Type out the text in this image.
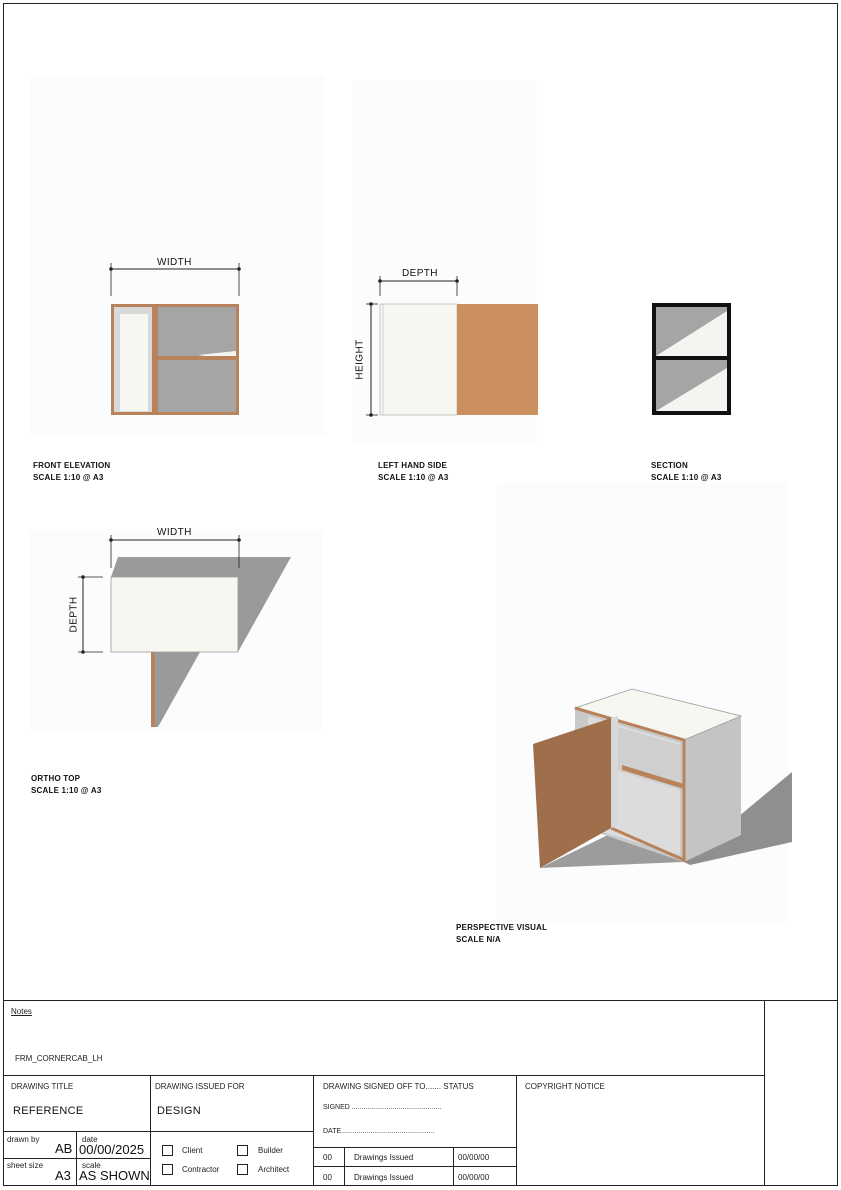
WIDTH
FRONT ELEVATION
SCALE 1:10 @ A3
DEPTH
HEIGHT
LEFT HAND SIDE
SCALE 1:10 @ A3
SECTION
SCALE 1:10 @ A3
WIDTH
DEPTH
ORTHO TOP
SCALE 1:10 @ A3
PERSPECTIVE VISUAL
SCALE N/A
Notes
FRM_CORNERCAB_LH
DRAWING TITLE
REFERENCE
DRAWING ISSUED FOR
DESIGN
DRAWING SIGNED OFF TO....... STATUS
SIGNED ..............................................
DATE................................................
COPYRIGHT NOTICE
drawn by
AB
date
00/00/2025
sheet size
A3
scale
AS SHOWN
Client	Builder
Contractor	Architect
00	Drawings Issued	00/00/00
00	Drawings Issued	00/00/00
